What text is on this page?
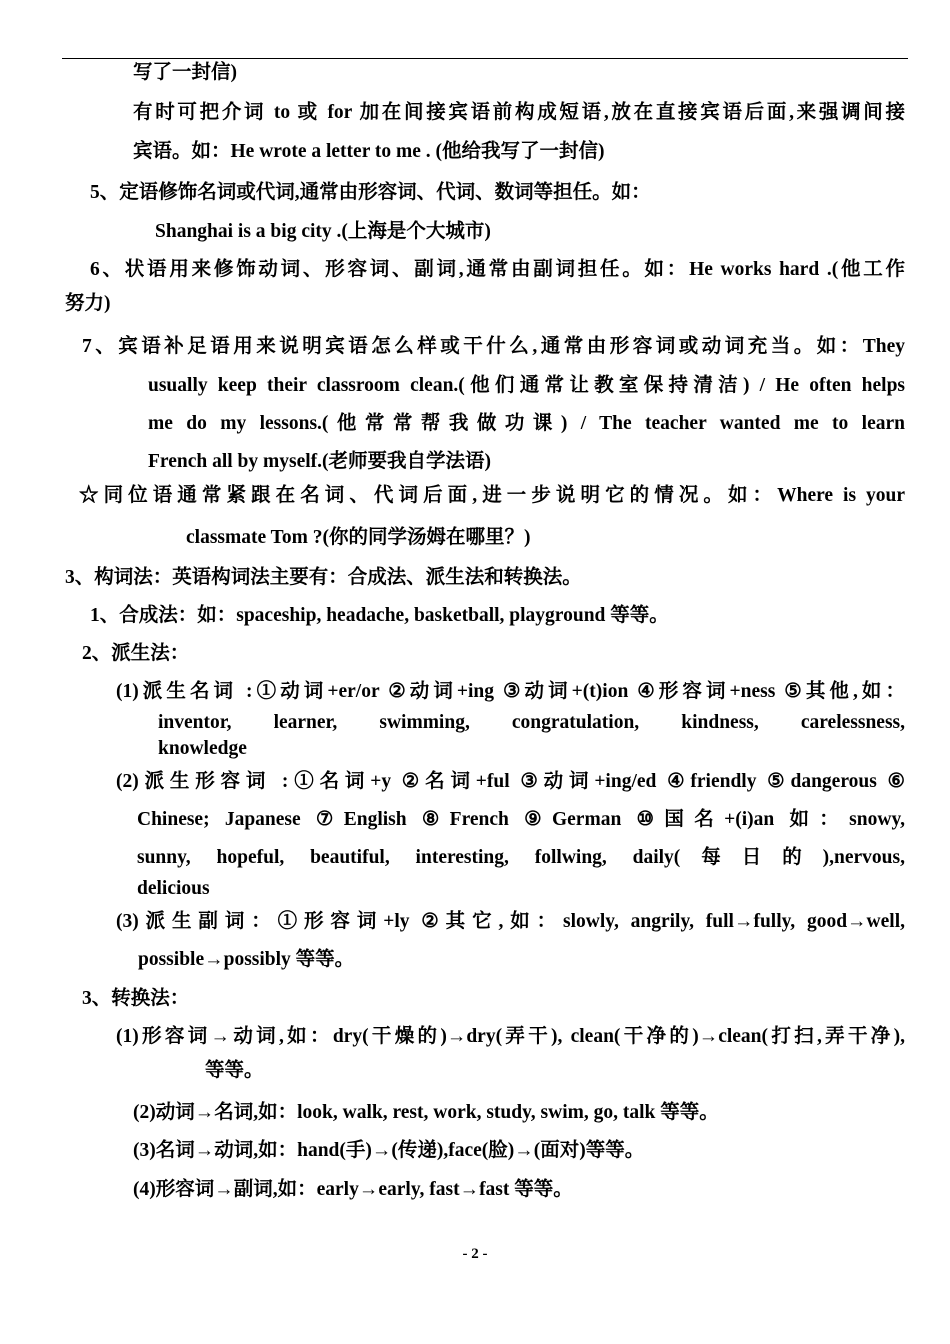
写了一封信)
有时可把介词 to 或 for 加在间接宾语前构成短语,放在直接宾语后面,来强调间接
宾语。如：He wrote a letter to me . (他给我写了一封信)
5、定语修饰名词或代词,通常由形容词、代词、数词等担任。如：
Shanghai is a big city .(上海是个大城市)
6、状语用来修饰动词、形容词、副词,通常由副词担任。如：He works hard .(他工作
努力)
7、宾语补足语用来说明宾语怎么样或干什么,通常由形容词或动词充当。如：They
usually keep their classroom clean.(他们通常让教室保持清洁) / He often helps
me do my lessons.(他常常帮我做功课) / The teacher wanted me to learn
French all by myself.(老师要我自学法语)
☆同位语通常紧跟在名词、代词后面,进一步说明它的情况。如：Where is your
classmate Tom ?(你的同学汤姆在哪里？)
3、构词法：英语构词法主要有：合成法、派生法和转换法。
1、合成法：如：spaceship, headache, basketball, playground 等等。
2、派生法：
(1)派生名词 :①动词+er/or ②动词+ing ③动词+(t)ion ④形容词+ness ⑤其他,如：
inventor, learner, swimming, congratulation, kindness, carelessness,
knowledge
(2)派生形容词 :①名词+y ②名词+ful ③动词+ing/ed ④friendly ⑤dangerous ⑥
Chinese; Japanese ⑦English ⑧French ⑨German ⑩国名+(i)an 如：snowy,
sunny, hopeful, beautiful, interesting, follwing, daily(每日的),nervous,
delicious
(3)派生副词：①形容词+ly ②其它,如：slowly, angrily, full→fully, good→well,
possible→possibly 等等。
3、转换法：
(1)形容词→动词,如：dry(干燥的)→dry(弄干), clean(干净的)→clean(打扫,弄干净),
等等。
(2)动词→名词,如：look, walk, rest, work, study, swim, go, talk 等等。
(3)名词→动词,如：hand(手)→(传递),face(脸)→(面对)等等。
(4)形容词→副词,如：early→early, fast→fast 等等。
- 2 -
